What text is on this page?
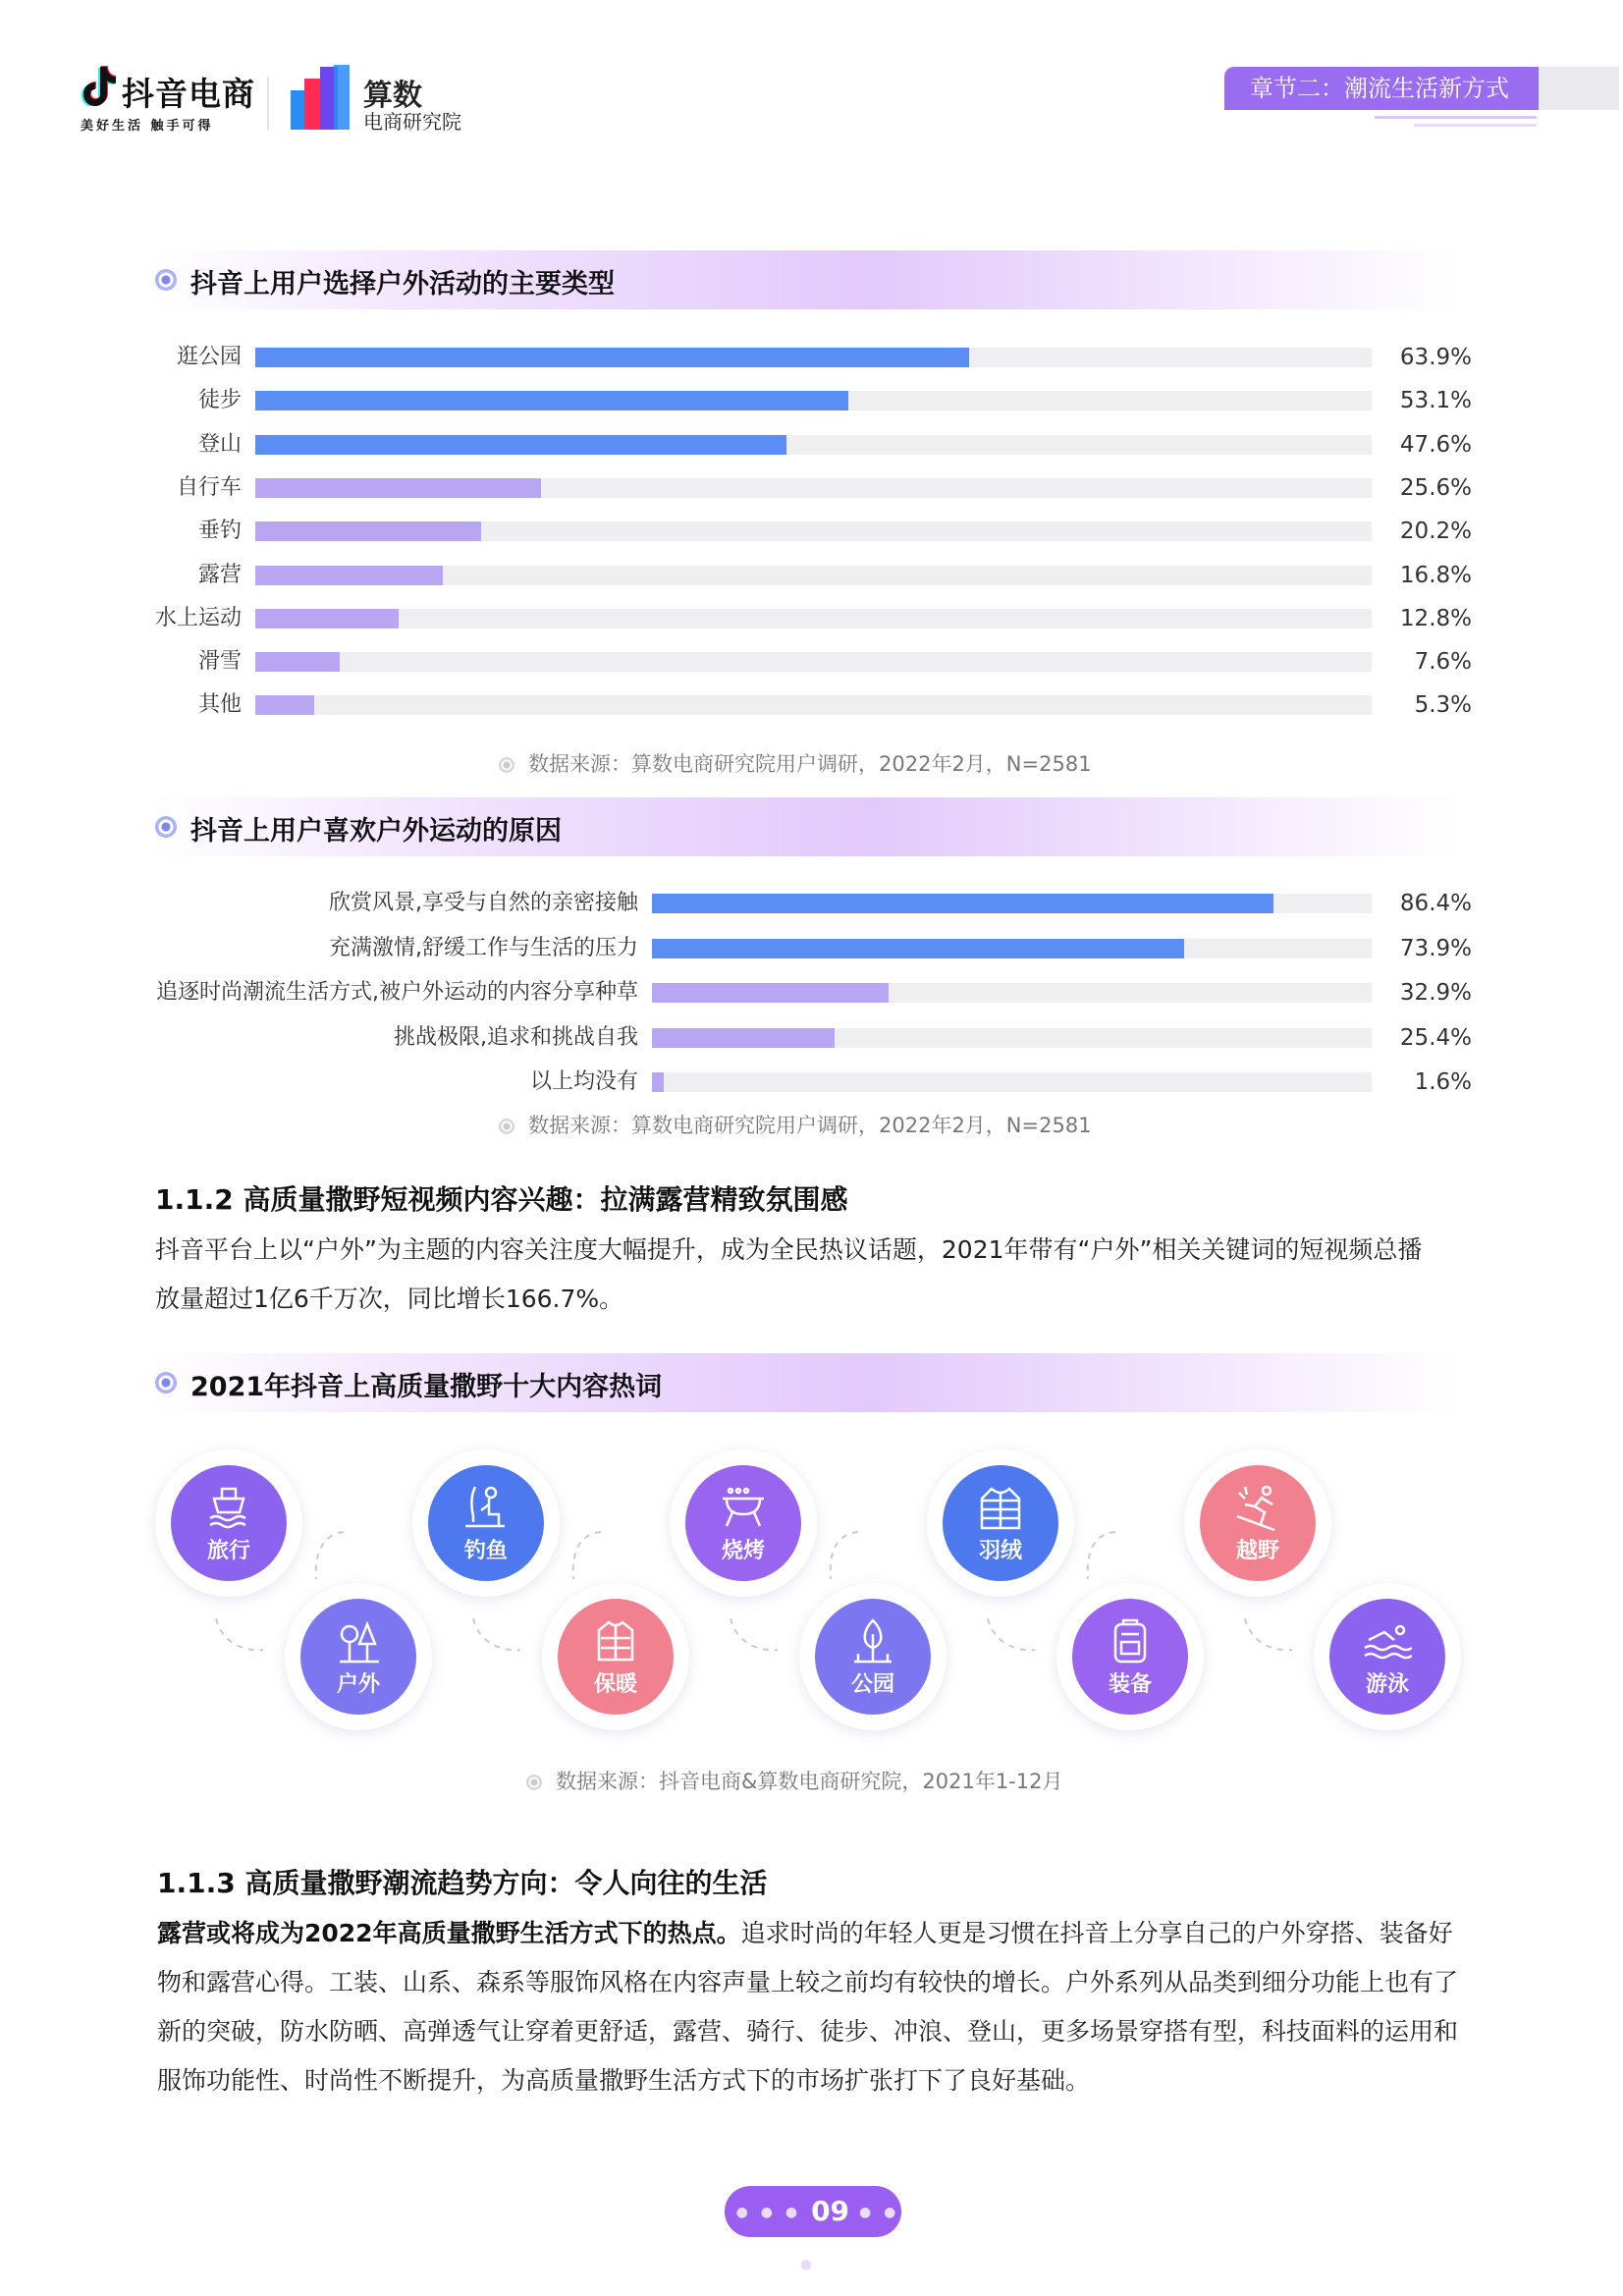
抖音电商
美好生活 触手可得
算数
电商研究院
章节二：潮流生活新方式
抖音上用户选择户外活动的主要类型
逛公园	63.9%
徒步	53.1%
登山	47.6%
自行车	25.6%
垂钓	20.2%
露营	16.8%
水上运动	12.8%
滑雪	7.6%
其他	5.3%
数据来源：算数电商研究院用户调研，2022年2月，N=2581
抖音上用户喜欢户外运动的原因
欣赏风景,享受与自然的亲密接触	86.4%
充满激情,舒缓工作与生活的压力	73.9%
追逐时尚潮流生活方式,被户外运动的内容分享种草	32.9%
挑战极限,追求和挑战自我	25.4%
以上均没有	1.6%
数据来源：算数电商研究院用户调研，2022年2月，N=2581
1.1.2 高质量撒野短视频内容兴趣：拉满露营精致氛围感
抖音平台上以“户外”为主题的内容关注度大幅提升，成为全民热议话题，2021年带有“户外”相关关键词的短视频总播
放量超过1亿6千万次，同比增长166.7%。
2021年抖音上高质量撒野十大内容热词
旅行
户外
钓鱼
保暖
烧烤
公园
羽绒
装备
越野
游泳
数据来源：抖音电商&算数电商研究院，2021年1-12月
1.1.3 高质量撒野潮流趋势方向：令人向往的生活
露营或将成为2022年高质量撒野生活方式下的热点。追求时尚的年轻人更是习惯在抖音上分享自己的户外穿搭、装备好
物和露营心得。工装、山系、森系等服饰风格在内容声量上较之前均有较快的增长。户外系列从品类到细分功能上也有了
新的突破，防水防晒、高弹透气让穿着更舒适，露营、骑行、徒步、冲浪、登山，更多场景穿搭有型，科技面料的运用和
服饰功能性、时尚性不断提升，为高质量撒野生活方式下的市场扩张打下了良好基础。
● ● ● 09 ● ● ●
